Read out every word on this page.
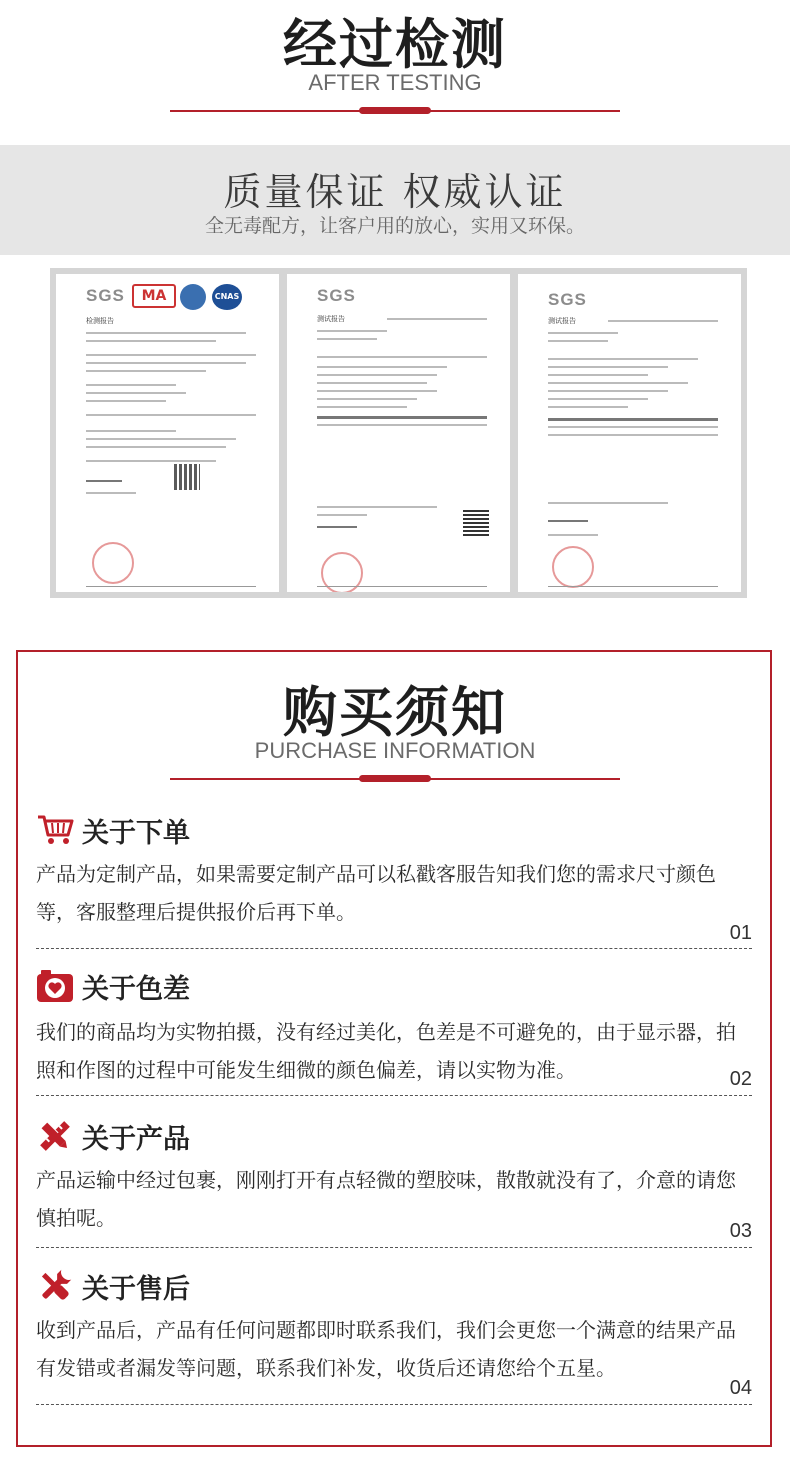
经过检测
AFTER TESTING
质量保证 权威认证
全无毒配方，让客户用的放心，实用又环保。
SGS	MA	CNAS
检测报告
SGS
测试报告
SGS
测试报告
购买须知
PURCHASE INFORMATION
关于下单
产品为定制产品，如果需要定制产品可以私戳客服告知我们您的需求尺寸颜色等，客服整理后提供报价后再下单。
01
关于色差
我们的商品均为实物拍摄，没有经过美化，色差是不可避免的，由于显示器，拍照和作图的过程中可能发生细微的颜色偏差，请以实物为准。	02
关于产品
产品运输中经过包裹，刚刚打开有点轻微的塑胶味，散散就没有了，介意的请您慎拍呢。
03
关于售后
收到产品后，产品有任何问题都即时联系我们，我们会更您一个满意的结果产品有发错或者漏发等问题，联系我们补发，收货后还请您给个五星。
04
